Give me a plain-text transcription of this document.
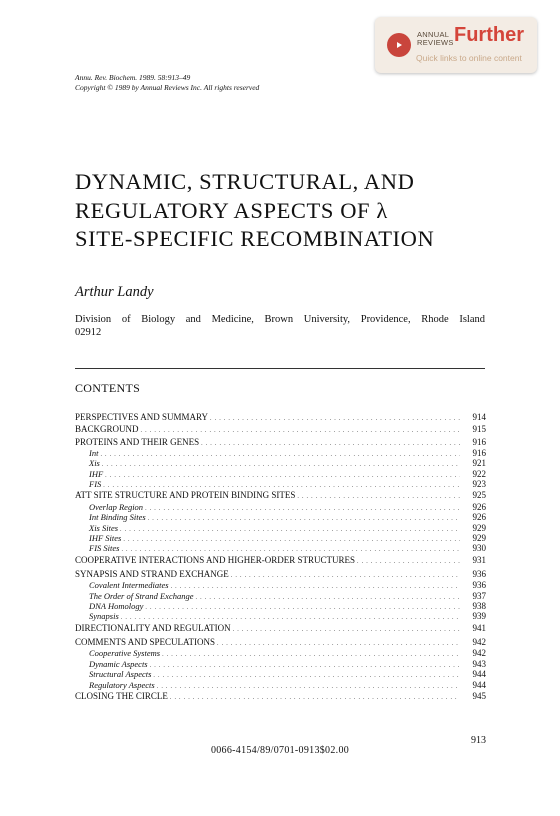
ANNUAL
REVIEWS Further
Quick links to online content
Annu. Rev. Biochem. 1989. 58:913–49
Copyright © 1989 by Annual Reviews Inc. All rights reserved
DYNAMIC, STRUCTURAL, AND
REGULATORY ASPECTS OF λ
SITE-SPECIFIC RECOMBINATION
Arthur Landy
Division of Biology and Medicine, Brown University, Providence, Rhode Island
02912
CONTENTS
PERSPECTIVES AND SUMMARY . . .	914
BACKGROUND . . .	915
PROTEINS AND THEIR GENES . . .	916
Int . . .	916
Xis . . .	921
IHF . . .	922
FIS . . .	923
ATT SITE STRUCTURE AND PROTEIN BINDING SITES . . .	925
Overlap Region . . .	926
Int Binding Sites . . .	926
Xis Sites . . .	929
IHF Sites . . .	929
FIS Sites . . .	930
COOPERATIVE INTERACTIONS AND HIGHER-ORDER STRUCTURES . . .	931
SYNAPSIS AND STRAND EXCHANGE . . .	936
Covalent Intermediates . . .	936
The Order of Strand Exchange . . .	937
DNA Homology . . .	938
Synapsis . . .	939
DIRECTIONALITY AND REGULATION . . .	941
COMMENTS AND SPECULATIONS . . .	942
Cooperative Systems . . .	942
Dynamic Aspects . . .	943
Structural Aspects . . .	944
Regulatory Aspects . . .	944
CLOSING THE CIRCLE . . .	945
913
0066-4154/89/0701-0913$02.00
